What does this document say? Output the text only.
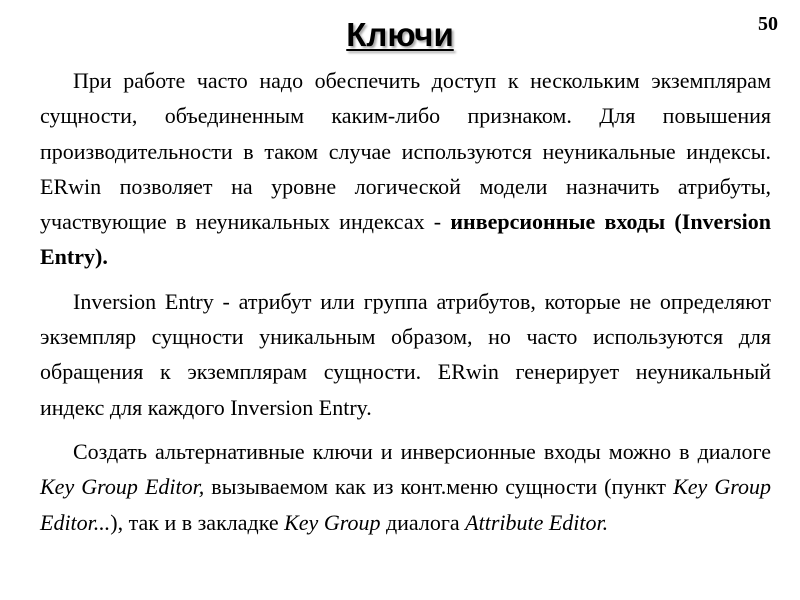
50
Ключи

При работе часто надо обеспечить доступ к нескольким экземплярам сущности, объединенным каким-либо признаком. Для повышения производительности в таком случае используются неуникальные индексы. ERwin позволяет на уровне логической модели назначить атрибуты, участвующие в неуникальных индексах - инверсионные входы (Inversion Entry).

Inversion Entry - атрибут или группа атрибутов, которые не определяют экземпляр сущности уникальным образом, но часто используются для обращения к экземплярам сущности. ERwin генерирует неуникальный индекс для каждого Inversion Entry.

Создать альтернативные ключи и инверсионные входы можно в диалоге Key Group Editor, вызываемом как из конт.меню сущности (пункт Key Group Editor...), так и в закладке Key Group диалога Attribute Editor.
